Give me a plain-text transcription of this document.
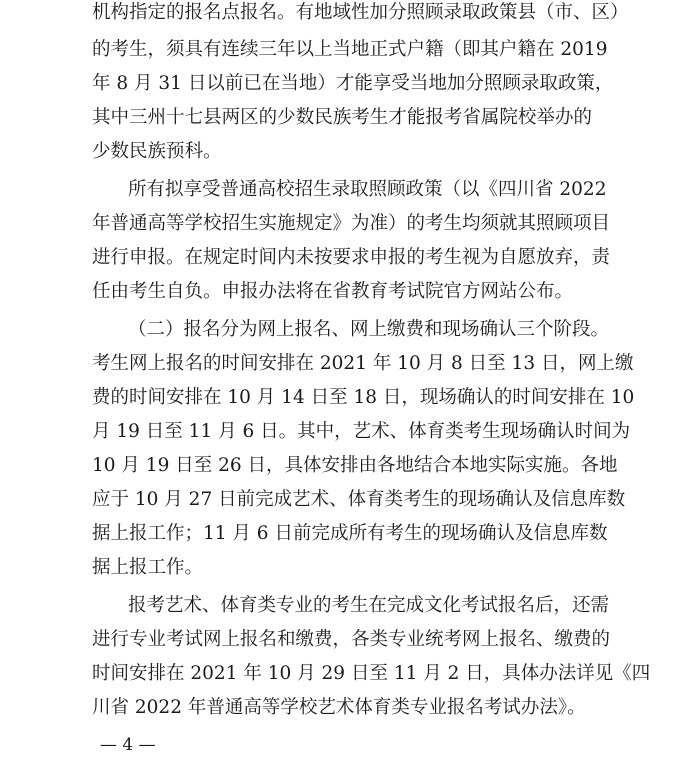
机构指定的报名点报名。有地域性加分照顾录取政策县（市、区）
的考生，须具有连续三年以上当地正式户籍（即其户籍在 2019
年 8 月 31 日以前已在当地）才能享受当地加分照顾录取政策，
其中三州十七县两区的少数民族考生才能报考省属院校举办的
少数民族预科。
所有拟享受普通高校招生录取照顾政策（以《四川省 2022
年普通高等学校招生实施规定》为准）的考生均须就其照顾项目
进行申报。在规定时间内未按要求申报的考生视为自愿放弃，责
任由考生自负。申报办法将在省教育考试院官方网站公布。
（二）报名分为网上报名、网上缴费和现场确认三个阶段。
考生网上报名的时间安排在 2021 年 10 月 8 日至 13 日，网上缴
费的时间安排在 10 月 14 日至 18 日，现场确认的时间安排在 10
月 19 日至 11 月 6 日。其中，艺术、体育类考生现场确认时间为
10 月 19 日至 26 日，具体安排由各地结合本地实际实施。各地
应于 10 月 27 日前完成艺术、体育类考生的现场确认及信息库数
据上报工作；11 月 6 日前完成所有考生的现场确认及信息库数
据上报工作。
报考艺术、体育类专业的考生在完成文化考试报名后，还需
进行专业考试网上报名和缴费，各类专业统考网上报名、缴费的
时间安排在 2021 年 10 月 29 日至 11 月 2 日，具体办法详见《四
川省 2022 年普通高等学校艺术体育类专业报名考试办法》。
— 4 —
